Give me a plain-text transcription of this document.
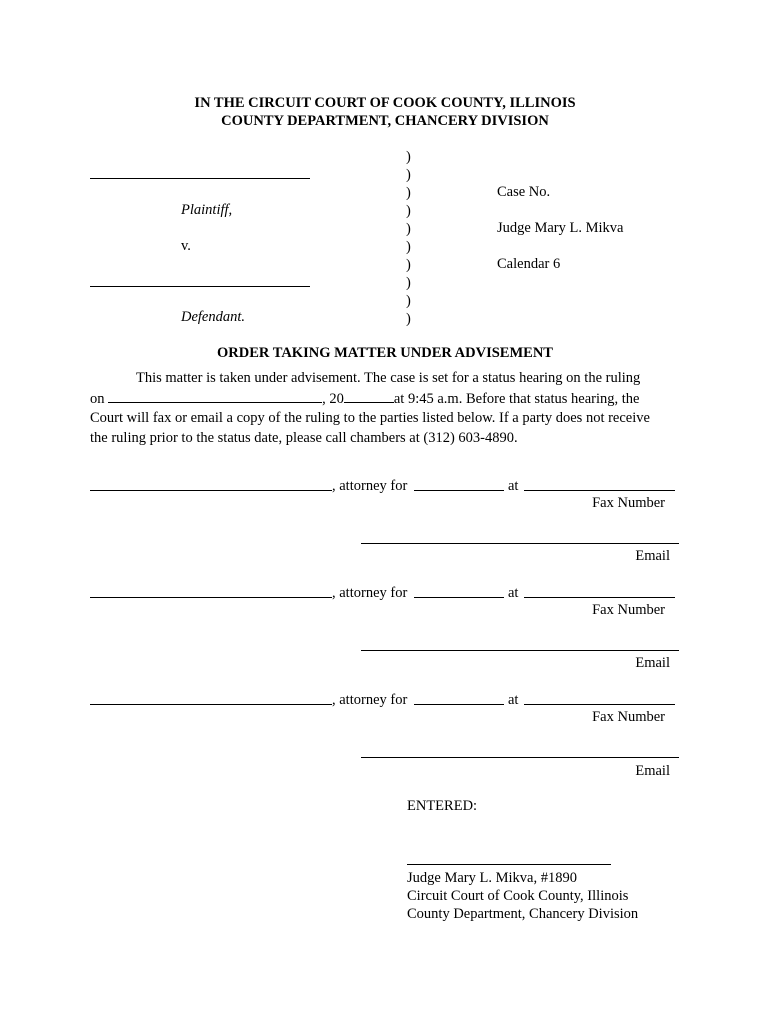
IN THE CIRCUIT COURT OF COOK COUNTY, ILLINOIS
COUNTY DEPARTMENT, CHANCERY DIVISION
Plaintiff,
v.
Defendant.
)
)
)
)
)
)
)
)
)
)
Case No.
Judge Mary L. Mikva
Calendar 6
ORDER TAKING MATTER UNDER ADVISEMENT
This matter is taken under advisement. The case is set for a status hearing on the ruling
on	, 20	at 9:45 a.m. Before that status hearing, the
Court will fax or email a copy of the ruling to the parties listed below. If a party does not receive
the ruling prior to the status date, please call chambers at (312) 603-4890.
, attorney for	at
Fax Number
Email
, attorney for	at
Fax Number
Email
, attorney for	at
Fax Number
Email
ENTERED:
Judge Mary L. Mikva, #1890
Circuit Court of Cook County, Illinois
County Department, Chancery Division
